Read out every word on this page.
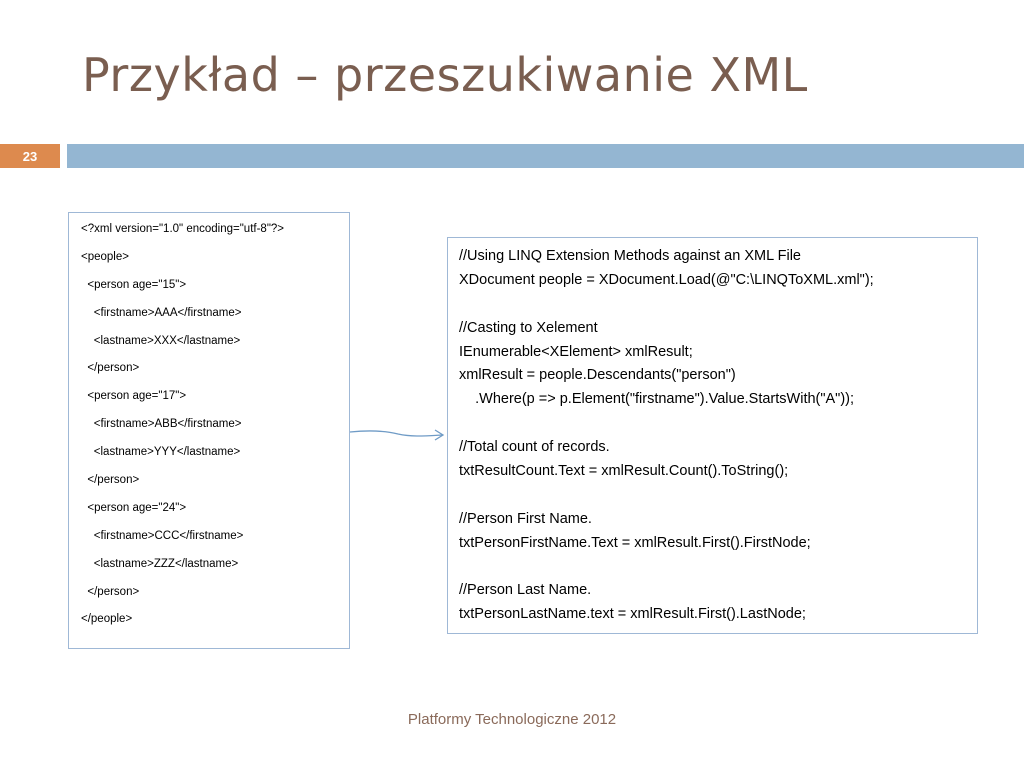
Przykład – przeszukiwanie XML
23
<?xml version="1.0" encoding="utf-8"?>
<people>
<person age="15">
<firstname>AAA</firstname>
<lastname>XXX</lastname>
</person>
<person age="17">
<firstname>ABB</firstname>
<lastname>YYY</lastname>
</person>
<person age="24">
<firstname>CCC</firstname>
<lastname>ZZZ</lastname>
</person>
</people>
//Using LINQ Extension Methods against an XML File
XDocument people = XDocument.Load(@"C:\LINQToXML.xml");
//Casting to Xelement
IEnumerable<XElement> xmlResult;
xmlResult = people.Descendants("person")
.Where(p => p.Element("firstname").Value.StartsWith("A"));
//Total count of records.
txtResultCount.Text = xmlResult.Count().ToString();
//Person First Name.
txtPersonFirstName.Text = xmlResult.First().FirstNode;
//Person Last Name.
txtPersonLastName.text = xmlResult.First().LastNode;
Platformy Technologiczne 2012
